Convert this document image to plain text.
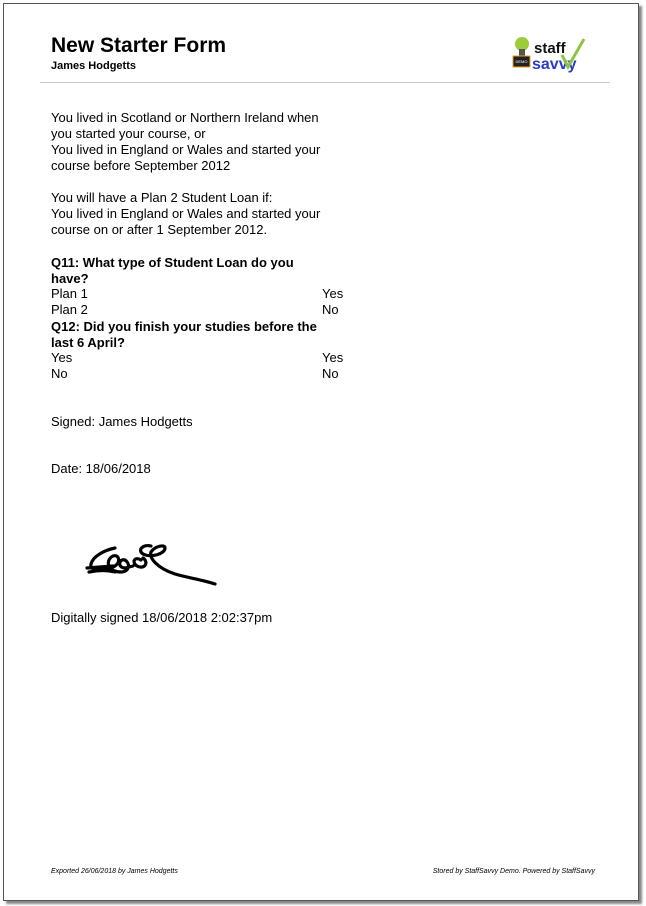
New Starter Form
James Hodgetts	DEMO
staff
savvy
You lived in Scotland or Northern Ireland when
you started your course, or
You lived in England or Wales and started your
course before September 2012
You will have a Plan 2 Student Loan if:
You lived in England or Wales and started your
course on or after 1 September 2012.
Q11: What type of Student Loan do you have?
Plan 1	Yes
Plan 2	No
Q12: Did you finish your studies before the last 6 April?
Yes	Yes
No	No
Signed: James Hodgetts
Date: 18/06/2018
Digitally signed 18/06/2018 2:02:37pm
Exported 26/06/2018 by James Hodgetts	Stored by StaffSavvy Demo. Powered by StaffSavvy
